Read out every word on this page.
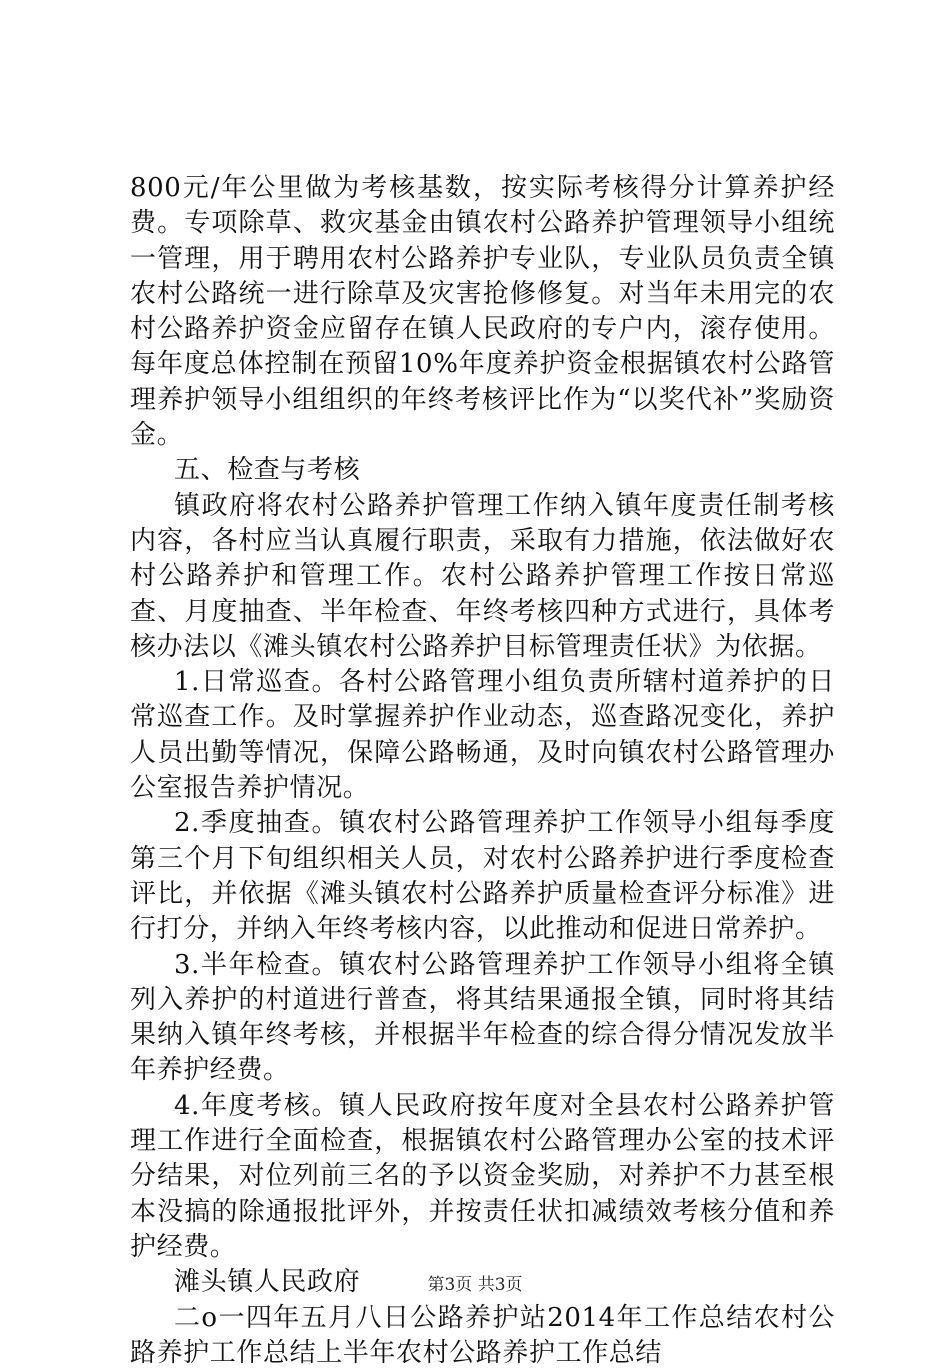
800元/年公里做为考核基数，按实际考核得分计算养护经费。专项除草、救灾基金由镇农村公路养护管理领导小组统一管理，用于聘用农村公路养护专业队，专业队员负责全镇农村公路统一进行除草及灾害抢修修复。对当年未用完的农村公路养护资金应留存在镇人民政府的专户内，滚存使用。每年度总体控制在预留10%年度养护资金根据镇农村公路管理养护领导小组组织的年终考核评比作为“以奖代补”奖励资金。

五、检查与考核

镇政府将农村公路养护管理工作纳入镇年度责任制考核内容，各村应当认真履行职责，采取有力措施，依法做好农村公路养护和管理工作。农村公路养护管理工作按日常巡查、月度抽查、半年检查、年终考核四种方式进行，具体考核办法以《滩头镇农村公路养护目标管理责任状》为依据。

1.日常巡查。各村公路管理小组负责所辖村道养护的日常巡查工作。及时掌握养护作业动态，巡查路况变化，养护人员出勤等情况，保障公路畅通，及时向镇农村公路管理办公室报告养护情况。

2.季度抽查。镇农村公路管理养护工作领导小组每季度第三个月下旬组织相关人员，对农村公路养护进行季度检查评比，并依据《滩头镇农村公路养护质量检查评分标准》进行打分，并纳入年终考核内容，以此推动和促进日常养护。

3.半年检查。镇农村公路管理养护工作领导小组将全镇列入养护的村道进行普查，将其结果通报全镇，同时将其结果纳入镇年终考核，并根据半年检查的综合得分情况发放半年养护经费。

4.年度考核。镇人民政府按年度对全县农村公路养护管理工作进行全面检查，根据镇农村公路管理办公室的技术评分结果，对位列前三名的予以资金奖励，对养护不力甚至根本没搞的除通报批评外，并按责任状扣减绩效考核分值和养护经费。

滩头镇人民政府

二o一四年五月八日公路养护站2014年工作总结农村公路养护工作总结上半年农村公路养护工作总结

第3页 共3页
